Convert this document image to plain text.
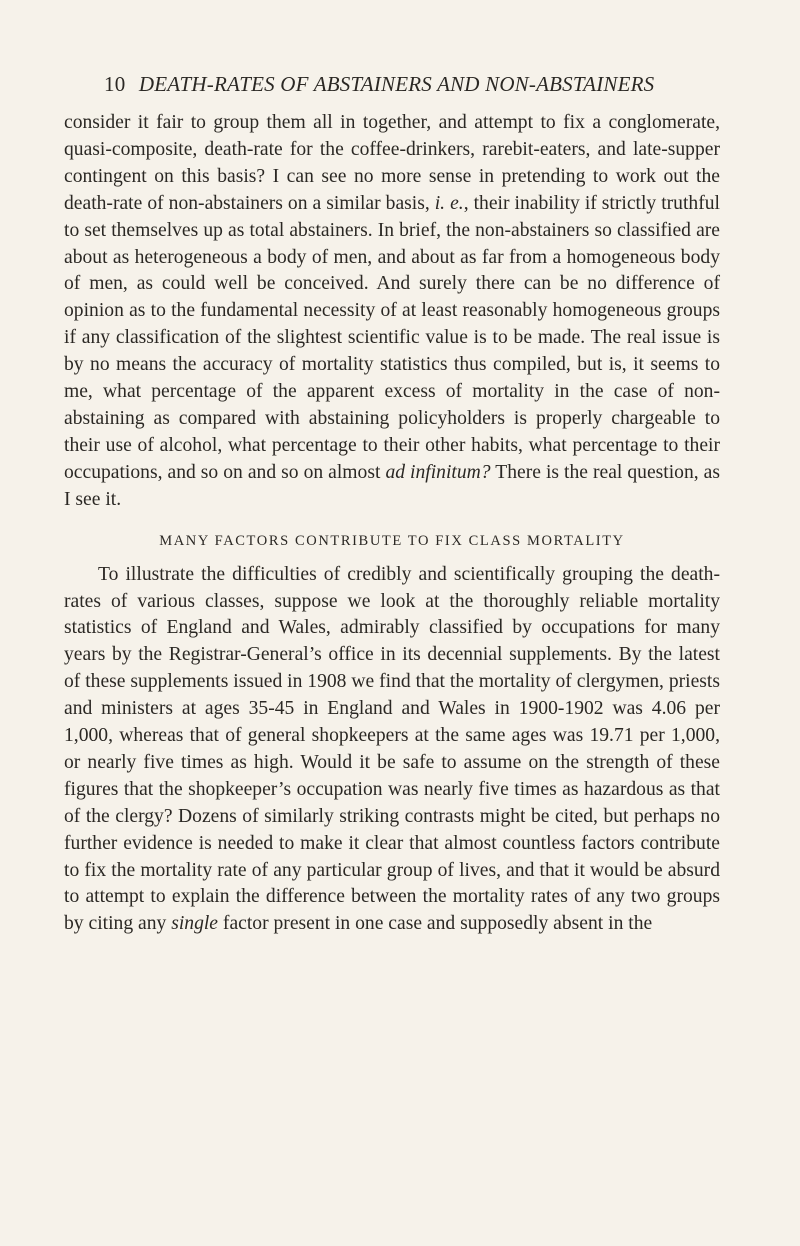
10 DEATH-RATES OF ABSTAINERS AND NON-ABSTAINERS

consider it fair to group them all in together, and attempt to fix a conglomerate, quasi-composite, death-rate for the coffee-drinkers, rarebit-eaters, and late-supper contingent on this basis? I can see no more sense in pretending to work out the death-rate of non-abstainers on a similar basis, i. e., their inability if strictly truthful to set themselves up as total abstainers. In brief, the non-abstainers so classified are about as heterogeneous a body of men, and about as far from a homogeneous body of men, as could well be conceived. And surely there can be no difference of opinion as to the fundamental necessity of at least reasonably homogeneous groups if any classification of the slightest scientific value is to be made. The real issue is by no means the accuracy of mortality statistics thus compiled, but is, it seems to me, what percentage of the apparent excess of mortality in the case of non-abstaining as compared with abstaining policyholders is properly chargeable to their use of alcohol, what percentage to their other habits, what percentage to their occupations, and so on and so on almost ad infinitum? There is the real question, as I see it.

MANY FACTORS CONTRIBUTE TO FIX CLASS MORTALITY

To illustrate the difficulties of credibly and scientifically grouping the death-rates of various classes, suppose we look at the thoroughly reliable mortality statistics of England and Wales, admirably classified by occupations for many years by the Registrar-General’s office in its decennial supplements. By the latest of these supplements issued in 1908 we find that the mortality of clergymen, priests and ministers at ages 35-45 in England and Wales in 1900-1902 was 4.06 per 1,000, whereas that of general shopkeepers at the same ages was 19.71 per 1,000, or nearly five times as high. Would it be safe to assume on the strength of these figures that the shopkeeper’s occupation was nearly five times as hazardous as that of the clergy? Dozens of similarly striking contrasts might be cited, but perhaps no further evidence is needed to make it clear that almost countless factors contribute to fix the mortality rate of any particular group of lives, and that it would be absurd to attempt to explain the difference between the mortality rates of any two groups by citing any single factor present in one case and supposedly absent in the
